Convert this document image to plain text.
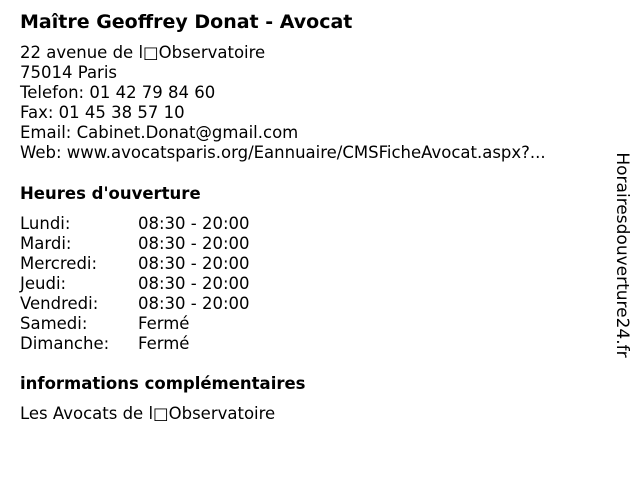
Maître Geoffrey Donat - Avocat
22 avenue de l□Observatoire
75014 Paris
Telefon: 01 42 79 84 60
Fax: 01 45 38 57 10
Email: Cabinet.Donat@gmail.com
Web: www.avocatsparis.org/Eannuaire/CMSFicheAvocat.aspx?...
Heures d'ouverture
Lundi:	08:30 - 20:00
Mardi:	08:30 - 20:00
Mercredi: 08:30 - 20:00
Jeudi:	08:30 - 20:00
Vendredi: 08:30 - 20:00
Samedi:	Fermé
Dimanche: Fermé
informations complémentaires
Les Avocats de l□Observatoire
Horairesdouverture24.fr
